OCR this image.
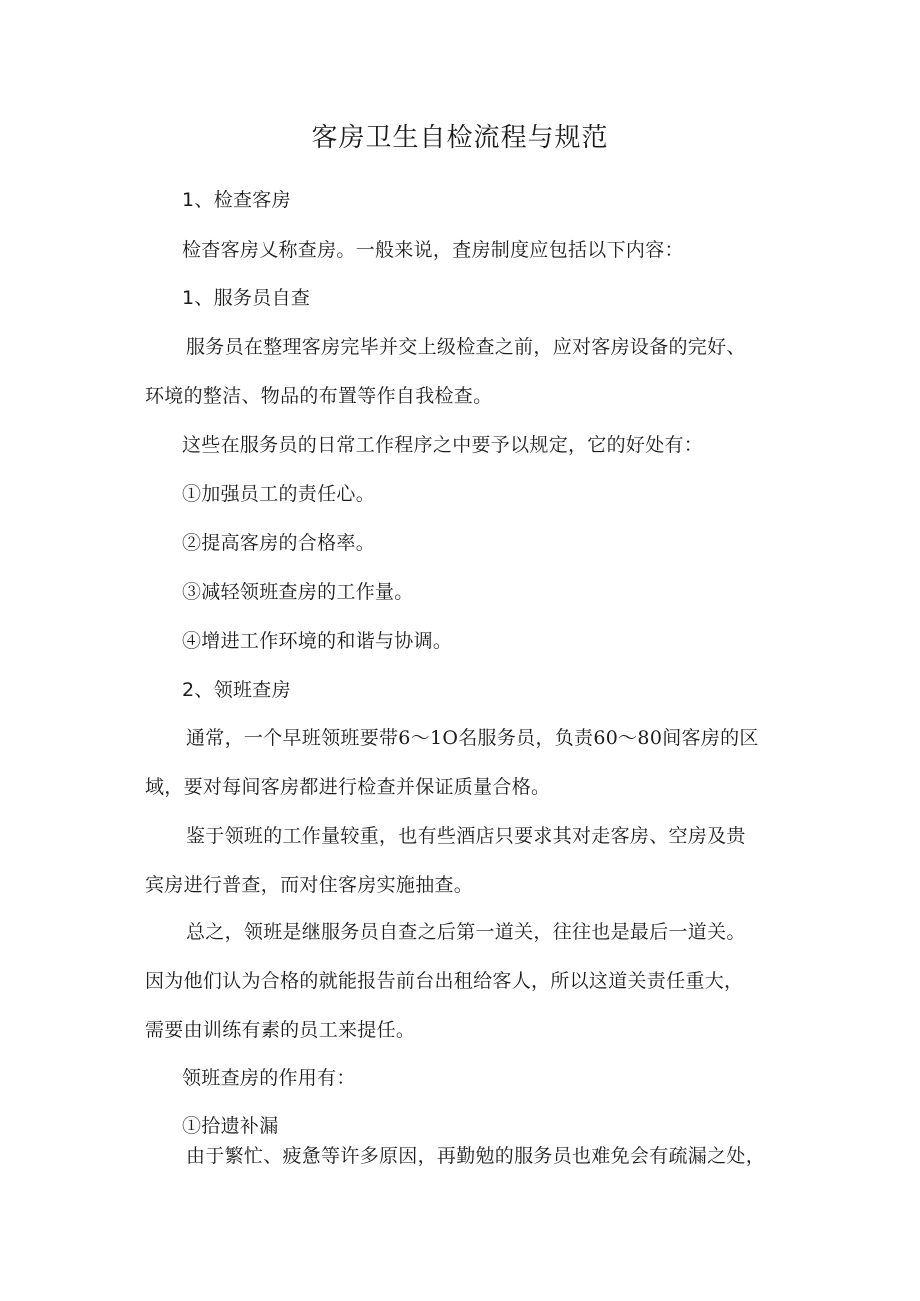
客房卫生自检流程与规范
1、检查客房
检杳客房乂称查房。一般来说，査房制度应包括以下内容：
1、服务员自查
服务员在整理客房完毕并交上级检查之前，应对客房设备的完好、
环境的整洁、物品的布置等作自我检查。
这些在服务员的日常工作程序之中要予以规定，它的好处有：
①加强员工的责任心。
②提高客房的合格率。
③减轻领班查房的工作量。
④增进工作环境的和谐与协调。
2、领班查房
通常，一个早班领班要带6～1O名服务员，负责60～80间客房的区
域，要对每间客房都进行检查并保证质量合格。
鉴于领班的工作量较重，也有些酒店只要求其对走客房、空房及贵
宾房进行普查，而对住客房实施抽查。
总之，领班是继服务员自查之后第一道关，往往也是最后一道关。
因为他们认为合格的就能报告前台出租给客人，所以这道关责任重大，
需要由训练有素的员工来提任。
领班查房的作用有：
①拾遗补漏
由于繁忙、疲惫等许多原因，再勤勉的服务员也难免会有疏漏之处，
